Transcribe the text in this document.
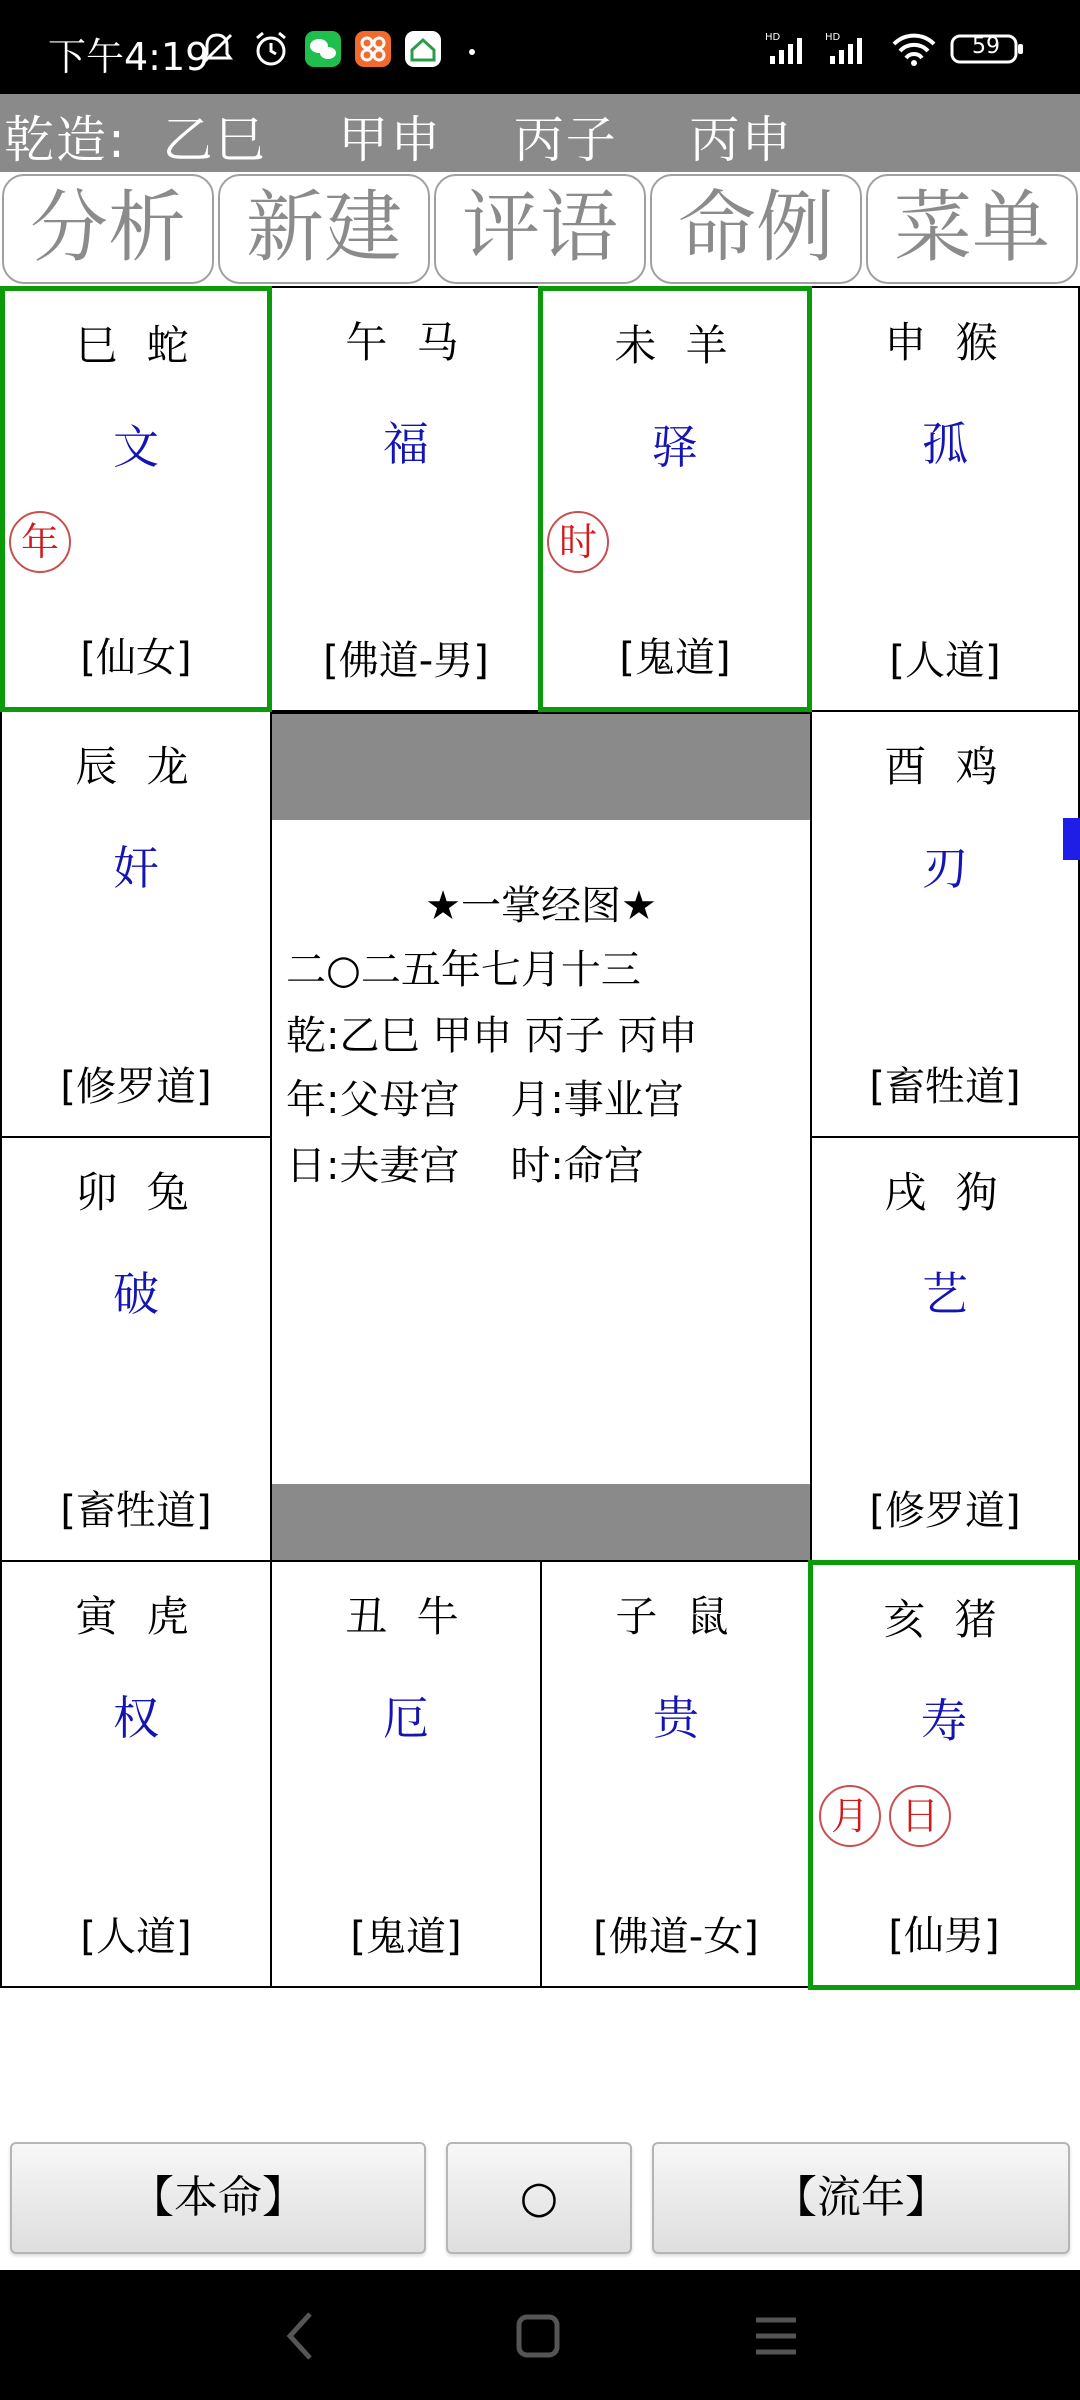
下午4:19	HD	HD	59
乾造:  乙巳    甲申    丙子    丙申
分析 新建 评语 命例 菜单
巳 蛇
文
年
[仙女]
午 马
福
[佛道-男]
未 羊
驿
时
[鬼道]
申 猴
孤
[人道]
辰 龙
奸
[修罗道]
酉 鸡
刃
[畜牲道]
卯 兔
破
[畜牲道]
戌 狗
艺
[修罗道]
寅 虎
权
[人道]
丑 牛
厄
[鬼道]
子 鼠
贵
[佛道-女]
亥 猪
寿
月 日
[仙男]
★一掌经图★
二○二五年七月十三
乾:乙巳 甲申 丙子 丙申
年:父母宫    月:事业宫
日:夫妻宫    时:命宫
【本命】	○	【流年】
